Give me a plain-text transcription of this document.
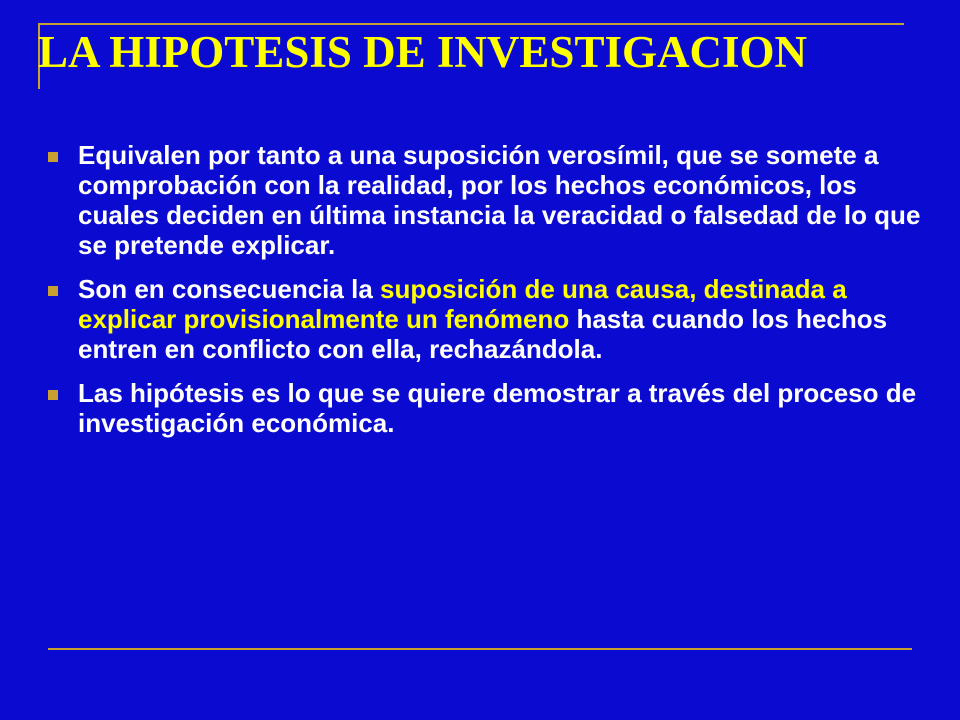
LA HIPOTESIS DE INVESTIGACION
Equivalen por tanto a una suposición verosímil, que se somete a comprobación con la realidad, por los hechos económicos, los cuales deciden en última instancia la veracidad o falsedad de lo que se pretende explicar.
Son en consecuencia la suposición de una causa, destinada a explicar provisionalmente un fenómeno hasta cuando los hechos entren en conflicto con ella, rechazándola.
Las hipótesis es lo que se quiere demostrar a través del proceso de investigación económica.
